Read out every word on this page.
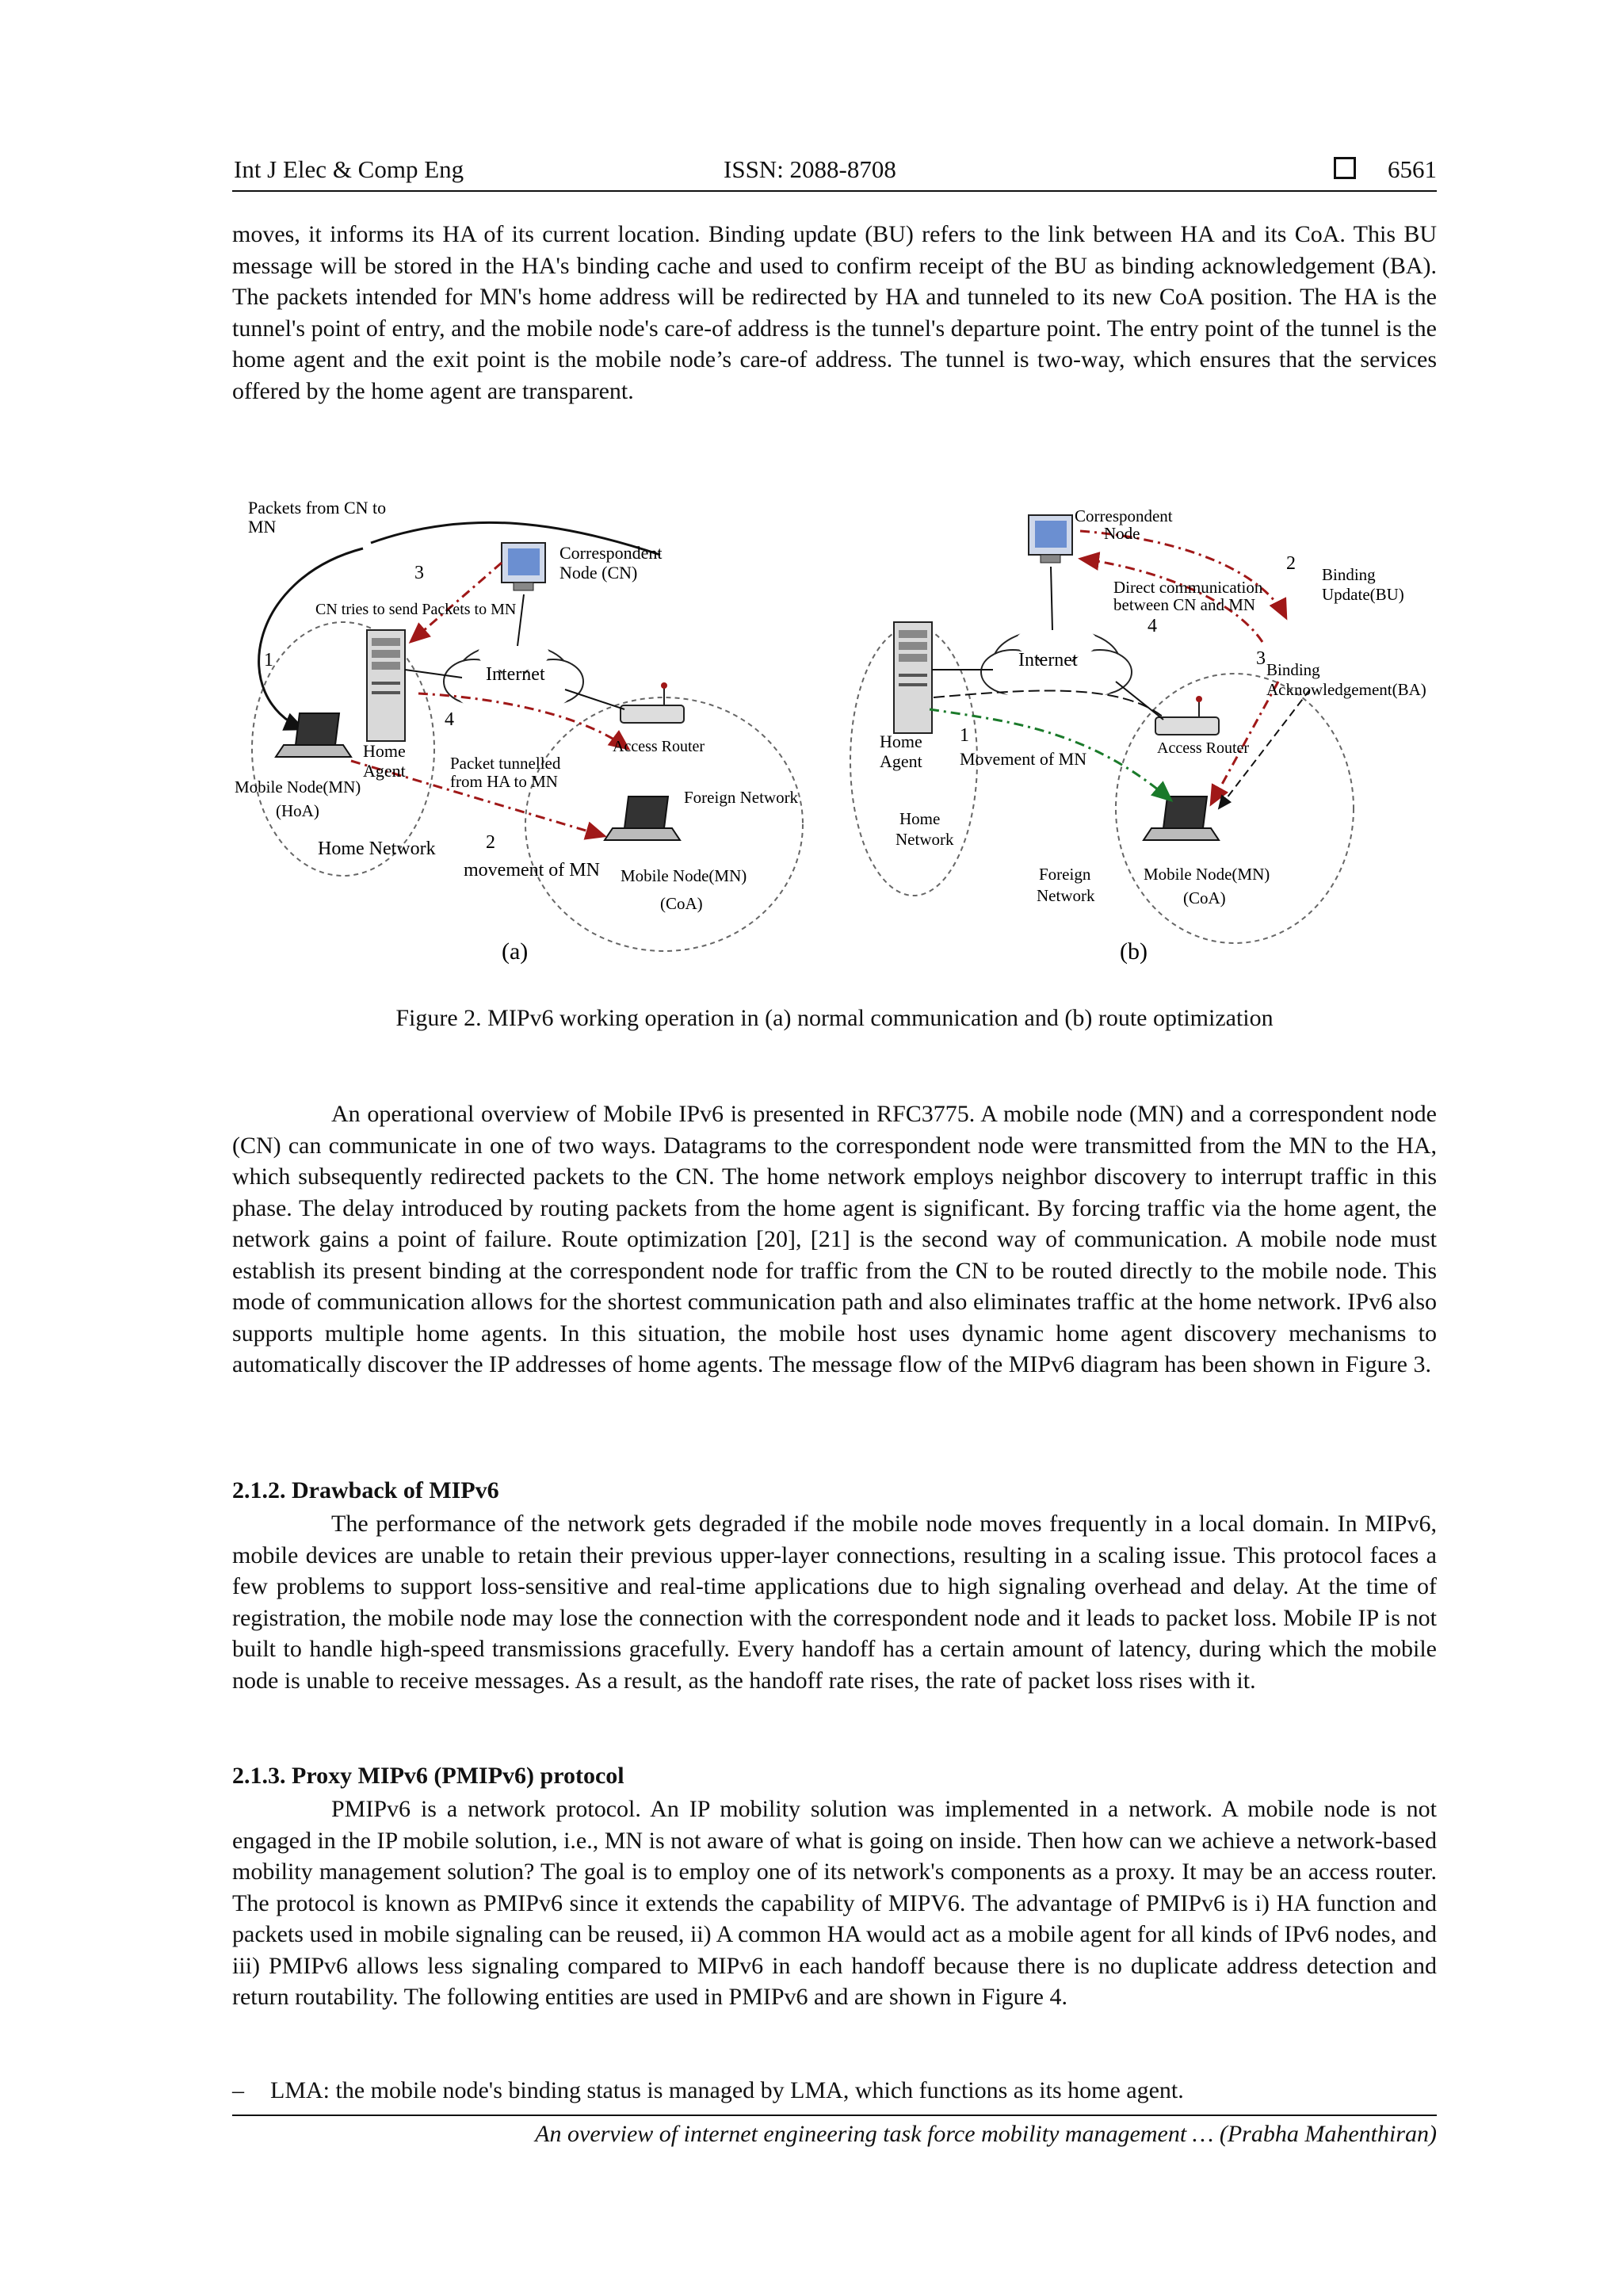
Int J Elec & Comp Eng	ISSN: 2088-8708	6561

moves, it informs its HA of its current location. Binding update (BU) refers to the link between HA and its CoA. This BU message will be stored in the HA's binding cache and used to confirm receipt of the BU as binding acknowledgement (BA). The packets intended for MN's home address will be redirected by HA and tunneled to its new CoA position. The HA is the tunnel's point of entry, and the mobile node's care-of address is the tunnel's departure point. The entry point of the tunnel is the home agent and the exit point is the mobile node’s care-of address. The tunnel is two-way, which ensures that the services offered by the home agent are transparent.

Packets from CN to
MN
3
Correspondent
Node (CN)
CN tries to send Packets to MN
1
Internet
4
Home
Agent	Packet tunnelled
from HA to MN
Access Router
Foreign Network
Mobile Node(MN)
(HoA)
Home Network	2
movement of MN Mobile Node(MN)
(CoA)
(a)
Correspondent
Node
2
Binding
Update(BU)
Direct communication
between CN and MN
4
Internet	3
Binding
Acknowledgement(BA)
Home
Agent
1
Movement of MN
Access Router
Home
Network
Foreign
Network
Mobile Node(MN)
(CoA)
(b)
Figure 2. MIPv6 working operation in (a) normal communication and (b) route optimization

An operational overview of Mobile IPv6 is presented in RFC3775. A mobile node (MN) and a correspondent node (CN) can communicate in one of two ways. Datagrams to the correspondent node were transmitted from the MN to the HA, which subsequently redirected packets to the CN. The home network employs neighbor discovery to interrupt traffic in this phase. The delay introduced by routing packets from the home agent is significant. By forcing traffic via the home agent, the network gains a point of failure. Route optimization [20], [21] is the second way of communication. A mobile node must establish its present binding at the correspondent node for traffic from the CN to be routed directly to the mobile node. This mode of communication allows for the shortest communication path and also eliminates traffic at the home network. IPv6 also supports multiple home agents. In this situation, the mobile host uses dynamic home agent discovery mechanisms to automatically discover the IP addresses of home agents. The message flow of the MIPv6 diagram has been shown in Figure 3.

2.1.2. Drawback of MIPv6

The performance of the network gets degraded if the mobile node moves frequently in a local domain. In MIPv6, mobile devices are unable to retain their previous upper-layer connections, resulting in a scaling issue. This protocol faces a few problems to support loss-sensitive and real-time applications due to high signaling overhead and delay. At the time of registration, the mobile node may lose the connection with the correspondent node and it leads to packet loss. Mobile IP is not built to handle high-speed transmissions gracefully. Every handoff has a certain amount of latency, during which the mobile node is unable to receive messages. As a result, as the handoff rate rises, the rate of packet loss rises with it.

2.1.3. Proxy MIPv6 (PMIPv6) protocol

PMIPv6 is a network protocol. An IP mobility solution was implemented in a network. A mobile node is not engaged in the IP mobile solution, i.e., MN is not aware of what is going on inside. Then how can we achieve a network-based mobility management solution? The goal is to employ one of its network's components as a proxy. It may be an access router. The protocol is known as PMIPv6 since it extends the capability of MIPV6. The advantage of PMIPv6 is i) HA function and packets used in mobile signaling can be reused, ii) A common HA would act as a mobile agent for all kinds of IPv6 nodes, and iii) PMIPv6 allows less signaling compared to MIPv6 in each handoff because there is no duplicate address detection and return routability. The following entities are used in PMIPv6 and are shown in Figure 4.

– LMA: the mobile node's binding status is managed by LMA, which functions as its home agent.
An overview of internet engineering task force mobility management … (Prabha Mahenthiran)
